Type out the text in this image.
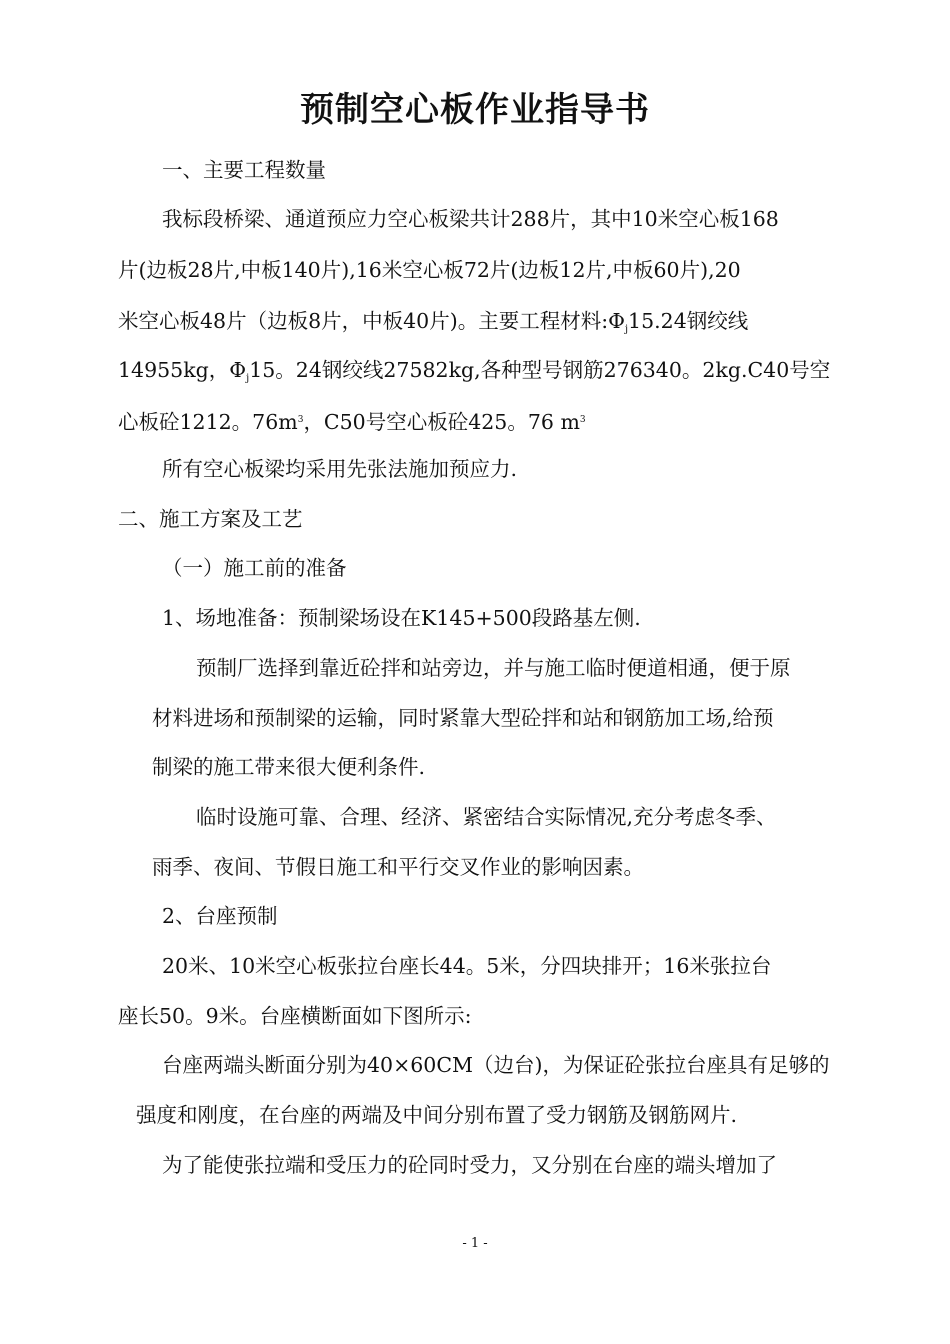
预制空心板作业指导书
一、主要工程数量
我标段桥梁、通道预应力空心板梁共计288片，其中10米空心板168
片(边板28片,中板140片),16米空心板72片(边板12片,中板60片),20
米空心板48片（边板8片，中板40片)。主要工程材料$:\Phi_j15.24$钢绞线
14955kg，$\Phi_j15$。24钢绞线27582kg,各种型号钢筋276340。2kg.C40号空
心板砼1212。$76m^3$，C50号空心板砼425。76 $m^3$
所有空心板梁均采用先张法施加预应力.
二、施工方案及工艺
（一）施工前的准备
1、场地准备：预制梁场设在K145+500段路基左侧.
预制厂选择到靠近砼拌和站旁边，并与施工临时便道相通，便于原
材料进场和预制梁的运输，同时紧靠大型砼拌和站和钢筋加工场,给预
制梁的施工带来很大便利条件.
临时设施可靠、合理、经济、紧密结合实际情况,充分考虑冬季、
雨季、夜间、节假日施工和平行交叉作业的影响因素。
2、台座预制
20米、10米空心板张拉台座长44。5米，分四块排开；16米张拉台
座长50。9米。台座横断面如下图所示:
台座两端头断面分别为40×60CM（边台)，为保证砼张拉台座具有足够的
强度和刚度，在台座的两端及中间分别布置了受力钢筋及钢筋网片.
为了能使张拉端和受压力的砼同时受力，又分别在台座的端头增加了
- 1 -
